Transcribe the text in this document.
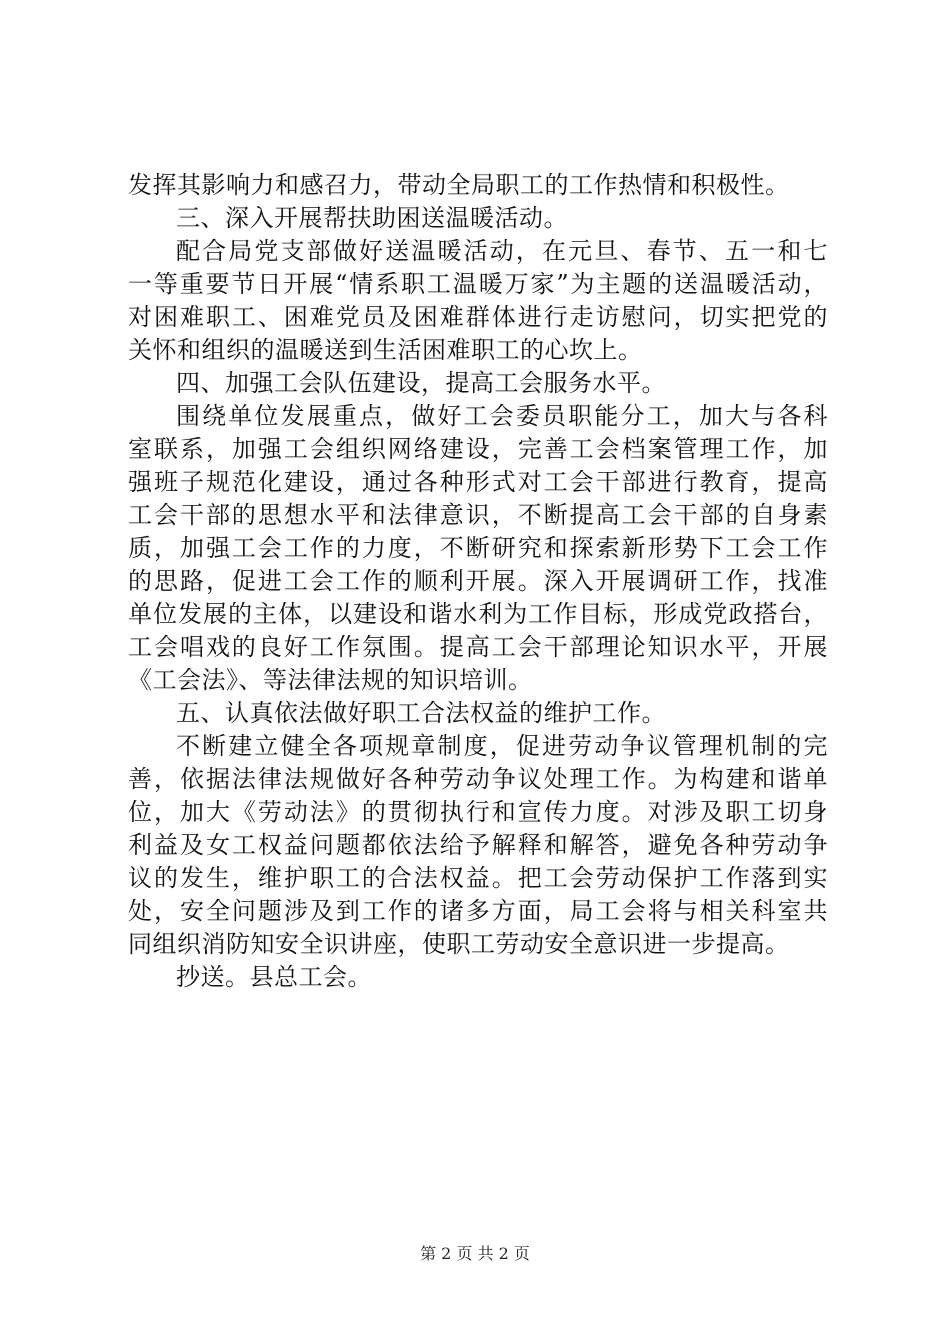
发挥其影响力和感召力，带动全局职工的工作热情和积极性。
三、深入开展帮扶助困送温暖活动。
配合局党支部做好送温暖活动，在元旦、春节、五一和七
一等重要节日开展“情系职工温暖万家”为主题的送温暖活动，
对困难职工、困难党员及困难群体进行走访慰问，切实把党的
关怀和组织的温暖送到生活困难职工的心坎上。
四、加强工会队伍建设，提高工会服务水平。
围绕单位发展重点，做好工会委员职能分工，加大与各科
室联系，加强工会组织网络建设，完善工会档案管理工作，加
强班子规范化建设，通过各种形式对工会干部进行教育，提高
工会干部的思想水平和法律意识，不断提高工会干部的自身素
质，加强工会工作的力度，不断研究和探索新形势下工会工作
的思路，促进工会工作的顺利开展。深入开展调研工作，找准
单位发展的主体，以建设和谐水利为工作目标，形成党政搭台，
工会唱戏的良好工作氛围。提高工会干部理论知识水平，开展
《工会法》、等法律法规的知识培训。
五、认真依法做好职工合法权益的维护工作。
不断建立健全各项规章制度，促进劳动争议管理机制的完
善，依据法律法规做好各种劳动争议处理工作。为构建和谐单
位，加大《劳动法》的贯彻执行和宣传力度。对涉及职工切身
利益及女工权益问题都依法给予解释和解答，避免各种劳动争
议的发生，维护职工的合法权益。把工会劳动保护工作落到实
处，安全问题涉及到工作的诸多方面，局工会将与相关科室共
同组织消防知安全识讲座，使职工劳动安全意识进一步提高。
抄送。县总工会。
第 2 页 共 2 页
